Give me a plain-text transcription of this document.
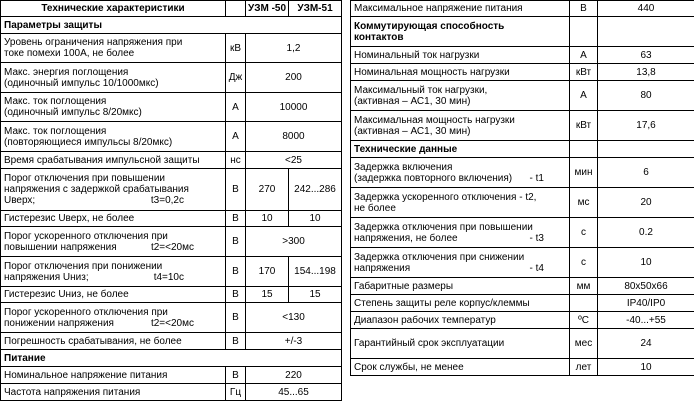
Технические характеристики		УЗМ -50	УЗМ-51
Параметры защиты			
Уровень ограничения напряжения при
токе помехи 100А, не более	кВ	1,2	
Макс. энергия поглощения
(одиночный импульс 10/1000мкс)	Дж	200	
Макс. ток поглощения
(одиночный импульс 8/20мкс)	А	10000	
Макс. ток поглощения
(повторяющиеся импульсы 8/20мкс)	А	8000	
Время срабатывания импульсной защиты	нс	<25	
Порог отключения при повышении
напряжения с задержкой срабатывания

Uверх; t3=0,2с	В	270	242...286
Гистерезис Uверх, не более	В	10	10
Порог ускоренного отключения при

повышении напряжения t2=<20мс	В	>300	
Порог отключения при понижении

напряжения Uниз; t4=10с	В	170	154...198
Гистерезис Uниз, не более	В	15	15
Порог ускоренного отключения при

понижении напряжения t2=<20мс	В	<130	
Погрешность срабатывания, не более	В	+/-3	
Питание			
Номинальное напряжение питания	В	220	
Частота напряжения питания	Гц	45...65	
Максимальное напряжение питания	В	440
Коммутирующая способность
контактов		
Номинальный ток нагрузки	А	63
Номинальная мощность нагрузки	кВт	13,8
Максимальный ток нагрузки,
(активная – АС1, 30 мин)	А	80
Максимальная мощность нагрузки
(активная – АС1, 30 мин)	кВт	17,6
Технические данные		
Задержка включения

(задержка повторного включения) - t1	мин	6
Задержка ускоренного отключения - t2,
не более	мс	20
Задержка отключения при повышении

напряжения, не более - t3	с	0.2
Задержка отключения при снижении

напряжения - t4	с	10
Габаритные размеры	мм	80х50х66
Степень защиты реле корпус/клеммы		IP40/IP0
Диапазон рабочих температур	ºС	-40...+55
Гарантийный срок эксплуатации	мес	24
Срок службы, не менее	лет	10
